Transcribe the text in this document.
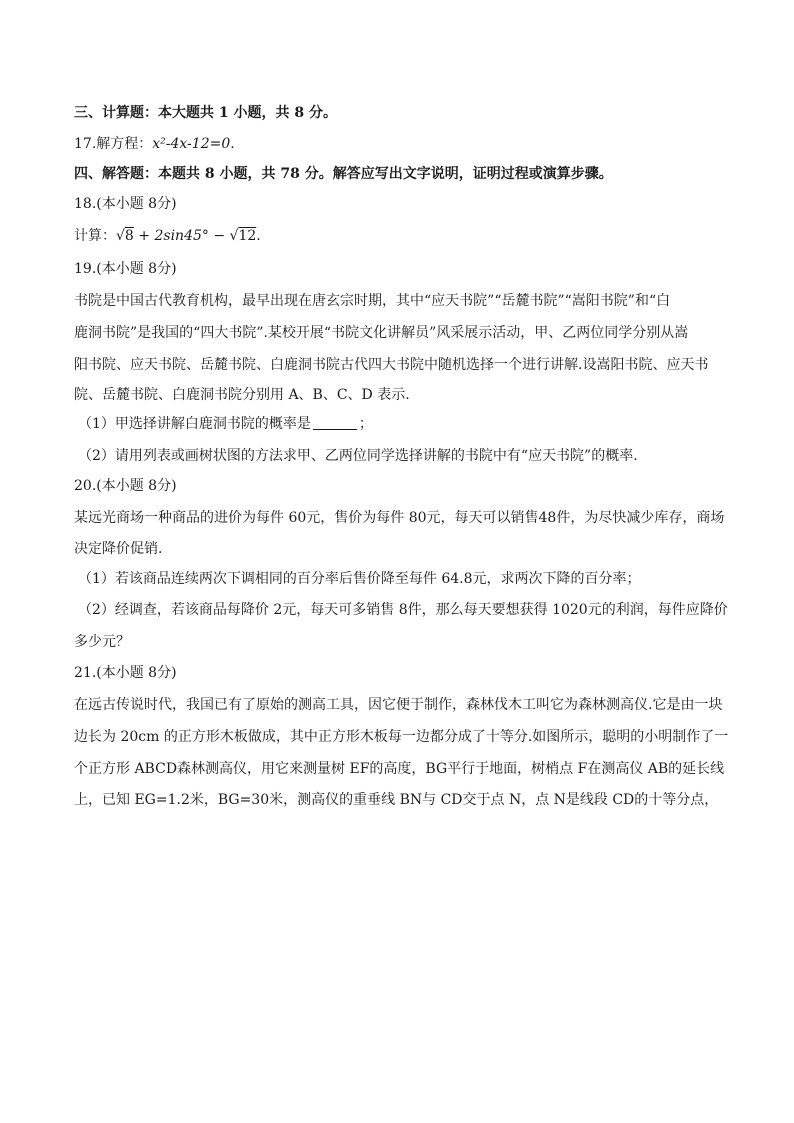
三、计算题：本大题共 1 小题，共 8 分。
17.解方程：x²-4x-12=0.
四、解答题：本题共 8 小题，共 78 分。解答应写出文字说明，证明过程或演算步骤。
18.(本小题 8分)
计算：√8 + 2sin45° − √12.
19.(本小题 8分)
书院是中国古代教育机构，最早出现在唐玄宗时期，其中“应天书院”“岳麓书院”“嵩阳书院”和“白
鹿洞书院”是我国的“四大书院”.某校开展“书院文化讲解员”风采展示活动，甲、乙两位同学分别从嵩
阳书院、应天书院、岳麓书院、白鹿洞书院古代四大书院中随机选择一个进行讲解.设嵩阳书院、应天书
院、岳麓书院、白鹿洞书院分别用 A、B、C、D 表示.
（1）甲选择讲解白鹿洞书院的概率是	；
（2）请用列表或画树状图的方法求甲、乙两位同学选择讲解的书院中有“应天书院”的概率.
20.(本小题 8分)
某远光商场一种商品的进价为每件 60元，售价为每件 80元，每天可以销售48件，为尽快减少库存，商场
决定降价促销.
（1）若该商品连续两次下调相同的百分率后售价降至每件 64.8元，求两次下降的百分率；
（2）经调查，若该商品每降价 2元，每天可多销售 8件，那么每天要想获得 1020元的利润，每件应降价
多少元？
21.(本小题 8分)
在远古传说时代，我国已有了原始的测高工具，因它便于制作，森林伐木工叫它为森林测高仪.它是由一块
边长为 20cm 的正方形木板做成，其中正方形木板每一边都分成了十等分.如图所示，聪明的小明制作了一
个正方形 ABCD森林测高仪，用它来测量树 EF的高度，BG平行于地面，树梢点 F在测高仪 AB的延长线
上，已知 EG=1.2米，BG=30米，测高仪的重垂线 BN与 CD交于点 N，点 N是线段 CD的十等分点，
